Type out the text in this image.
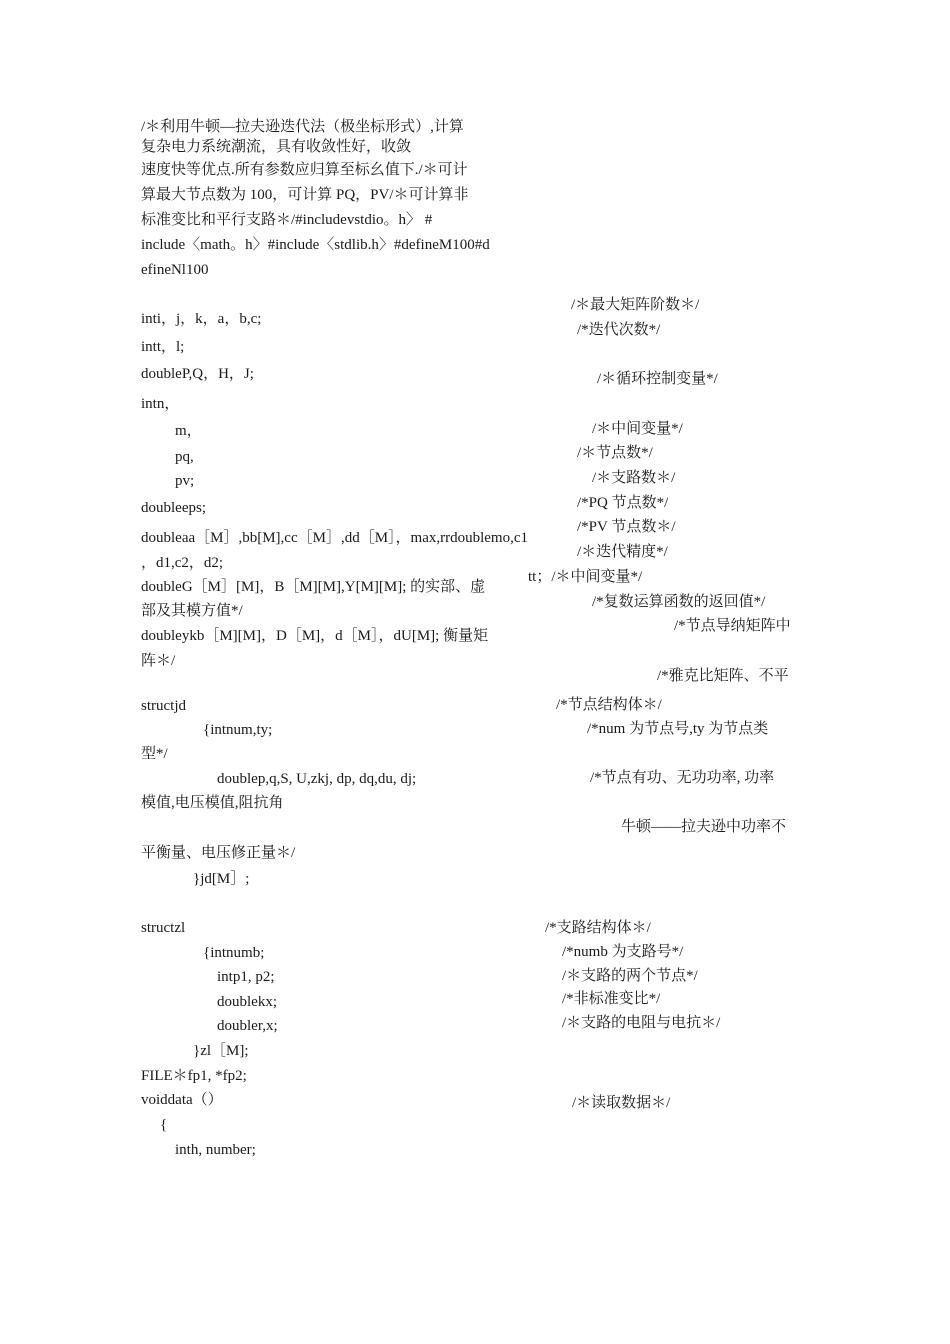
/＊利用牛顿—拉夫逊迭代法（极坐标形式）,计算
复杂电力系统潮流，具有收敛性好，收敛
速度快等优点.所有参数应归算至标幺值下./＊可计
算最大节点数为 100，可计算 PQ，PV/＊可计算非
标准变比和平行支路＊/#includevstdio。h〉 #
include〈math。h〉#include〈stdlib.h〉#defineM100#d
efineNl100
inti，j，k，a，b,c;
intt，l;
doubleP,Q，H，J;
intn，
m，
pq,
pv;
doubleeps;
doubleaa［M］,bb[M],cc［M］,dd［M］，max,rrdoublemo,c1
，d1,c2，d2;
doubleG［M］[M]，B［M][M],Y[M][M]; 的实部、虚
部及其模方值*/
doubleykb［M][M]，D［M]，d［M］，dU[M]; 衡量矩
阵＊/
structjd
{intnum,ty;
型*/
doublep,q,S, U,zkj, dp, dq,du, dj;
模值,电压模值,阻抗角
平衡量、电压修正量＊/
}jd[M］;
structzl
{intnumb;
intp1, p2;
doublekx;
doubler,x;
}zl［M];
FILE＊fp1, *fp2;
voiddata（）
{
inth, number;
/＊最大矩阵阶数＊/
/*迭代次数*/
/＊循环控制变量*/
/＊中间变量*/
/＊节点数*/
/＊支路数＊/
/*PQ 节点数*/
/*PV 节点数＊/
/＊迭代精度*/
tt；/＊中间变量*/
/*复数运算函数的返回值*/
/*节点导纳矩阵中
/*雅克比矩阵、不平
/*节点结构体＊/
/*num 为节点号,ty 为节点类
/*节点有功、无功功率, 功率
牛顿——拉夫逊中功率不
/*支路结构体＊/
/*numb 为支路号*/
/＊支路的两个节点*/
/*非标准变比*/
/＊支路的电阻与电抗＊/
/＊读取数据＊/
